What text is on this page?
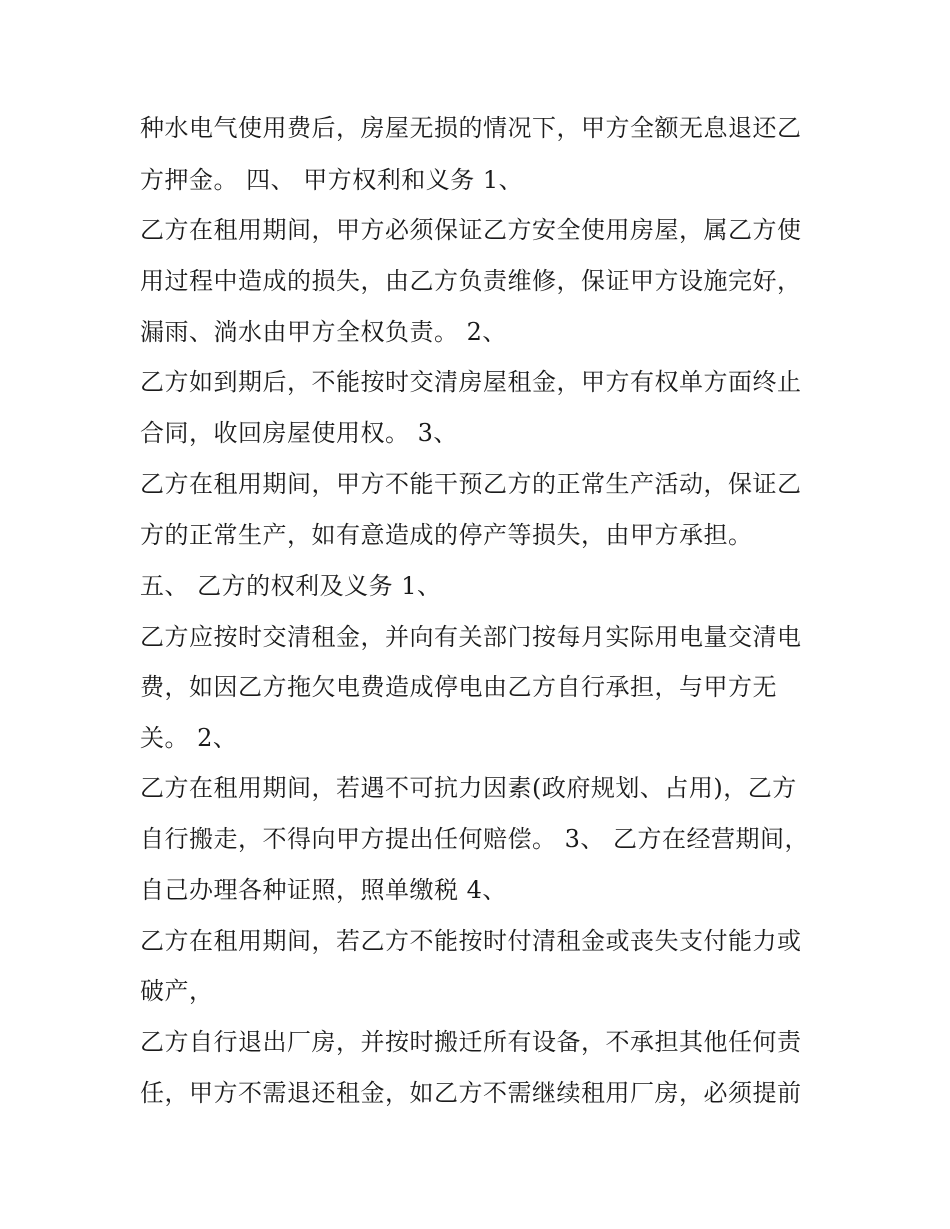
种水电气使用费后，房屋无损的情况下，甲方全额无息退还乙
方押金。 四、 甲方权利和义务 1、
乙方在租用期间，甲方必须保证乙方安全使用房屋，属乙方使
用过程中造成的损失，由乙方负责维修，保证甲方设施完好，
漏雨、淌水由甲方全权负责。 2、
乙方如到期后，不能按时交清房屋租金，甲方有权单方面终止
合同，收回房屋使用权。 3、
乙方在租用期间，甲方不能干预乙方的正常生产活动，保证乙
方的正常生产，如有意造成的停产等损失，由甲方承担。
五、 乙方的权利及义务 1、
乙方应按时交清租金，并向有关部门按每月实际用电量交清电
费，如因乙方拖欠电费造成停电由乙方自行承担，与甲方无
关。 2、
乙方在租用期间，若遇不可抗力因素(政府规划、占用)，乙方
自行搬走，不得向甲方提出任何赔偿。 3、 乙方在经营期间，
自己办理各种证照，照单缴税 4、
乙方在租用期间，若乙方不能按时付清租金或丧失支付能力或
破产，
乙方自行退出厂房，并按时搬迁所有设备，不承担其他任何责
任，甲方不需退还租金，如乙方不需继续租用厂房，必须提前
